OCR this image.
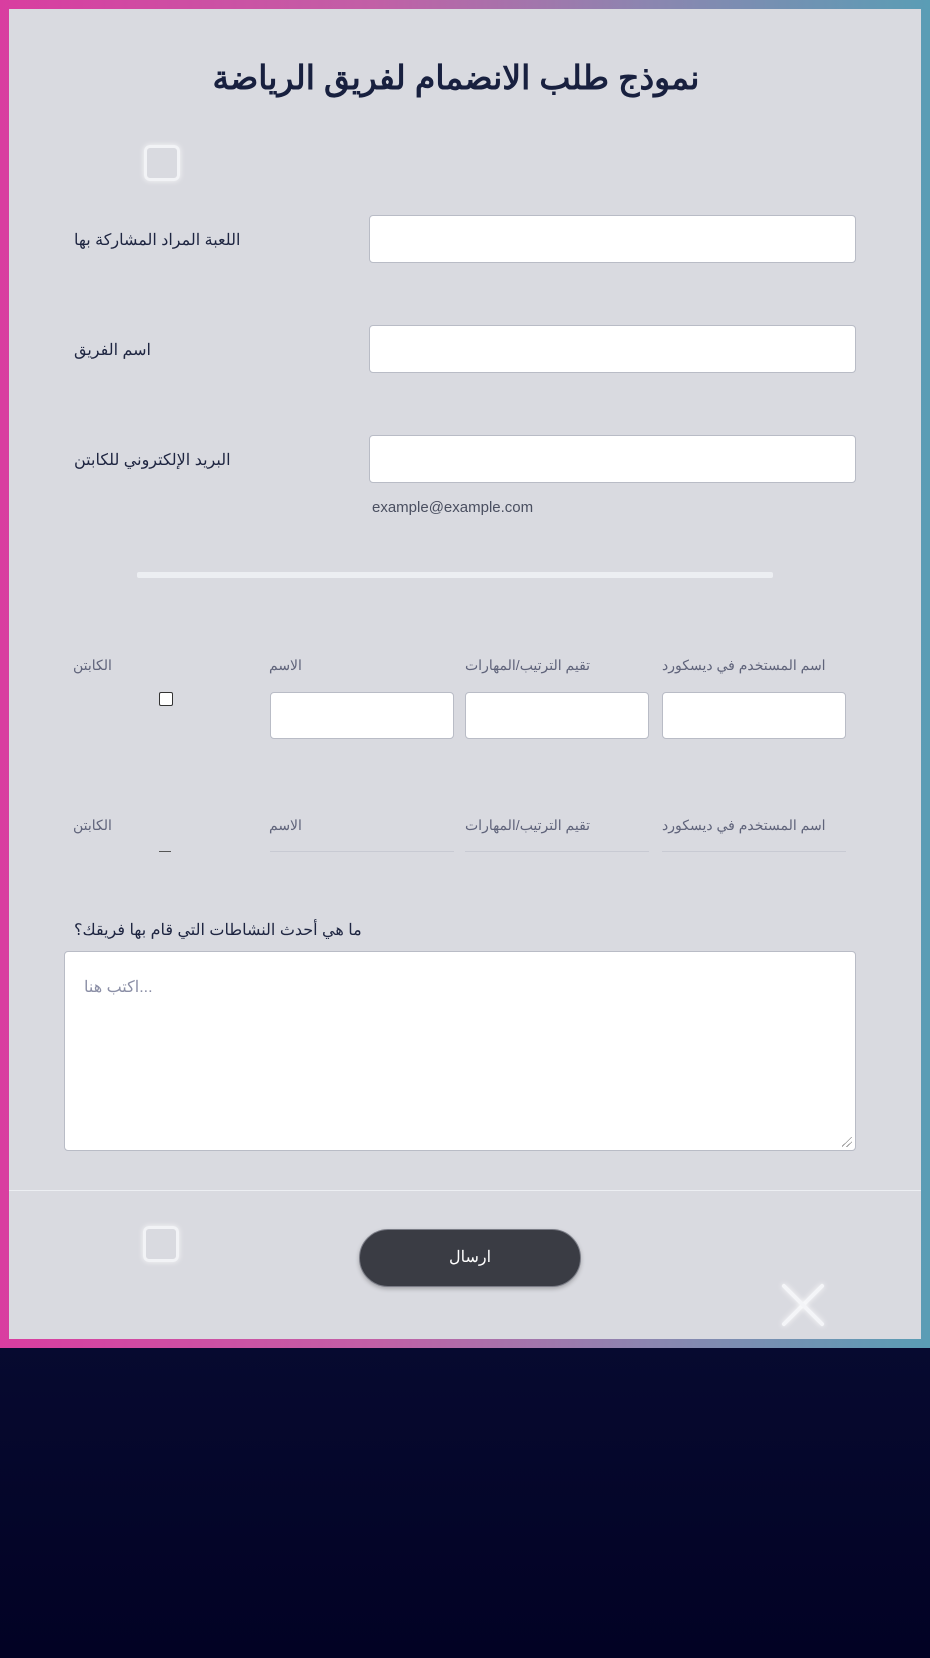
نموذج طلب الانضمام لفريق الرياضة
اللعبة المراد المشاركة بها
اسم الفريق
البريد الإلكتروني للكابتن
example@example.com
اسم المستخدم في ديسكورد
تقيم الترتيب/المهارات
الاسم
الكابتن
اسم المستخدم في ديسكورد
تقيم الترتيب/المهارات
الاسم
الكابتن
ما هي أحدث النشاطات التي قام بها فريقك؟
...اكتب هنا
ارسال
